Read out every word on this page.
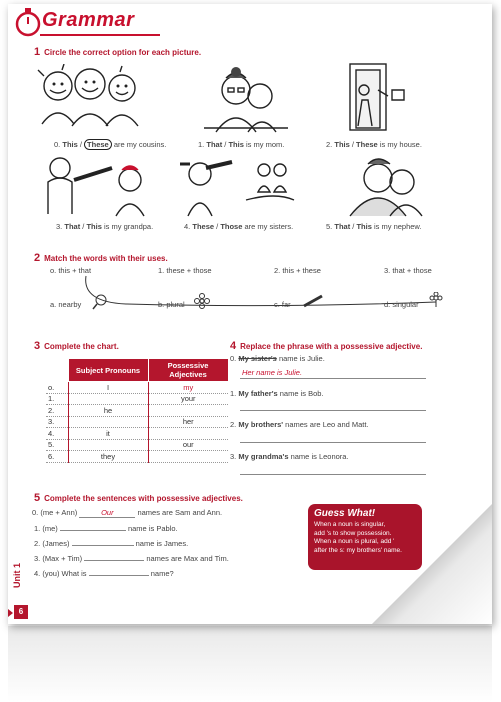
Grammar
1 Circle the correct option for each picture.
0. This / These are my cousins.	1. That / This is my mom.	2. This / These is my house.
3. That / This is my grandpa.	4. These / Those are my sisters.	5. That / This is my nephew.
2 Match the words with their uses.
o. this + that	1. these + those	2. this + these	3. that + those
a. nearby	b. plural	c. far	d. singular
3 Complete the chart.
	Subject Pronouns	Possessive Adjectives
o.	I	my
1.		your
2.	he	
3.		her
4.	it	
5.		our
6.	they	
4 Replace the phrase with a possessive adjective.
0. My sister's name is Julie.
Her name is Julie.
1. My father's name is Bob.
2. My brothers' names are Leo and Matt.
3. My grandma's name is Leonora.
5 Complete the sentences with possessive adjectives.
0. (me + Ann)	Our	names are Sam and Ann.
1. (me)	name is Pablo.
2. (James)	name is James.
3. (Max + Tim)	names are Max and Tim.
4. (you) What is	name?
Guess What!
When a noun is singular,
add 's to show possession.
When a noun is plural, add '
after the s: my brothers' name.
Unit 1
6
